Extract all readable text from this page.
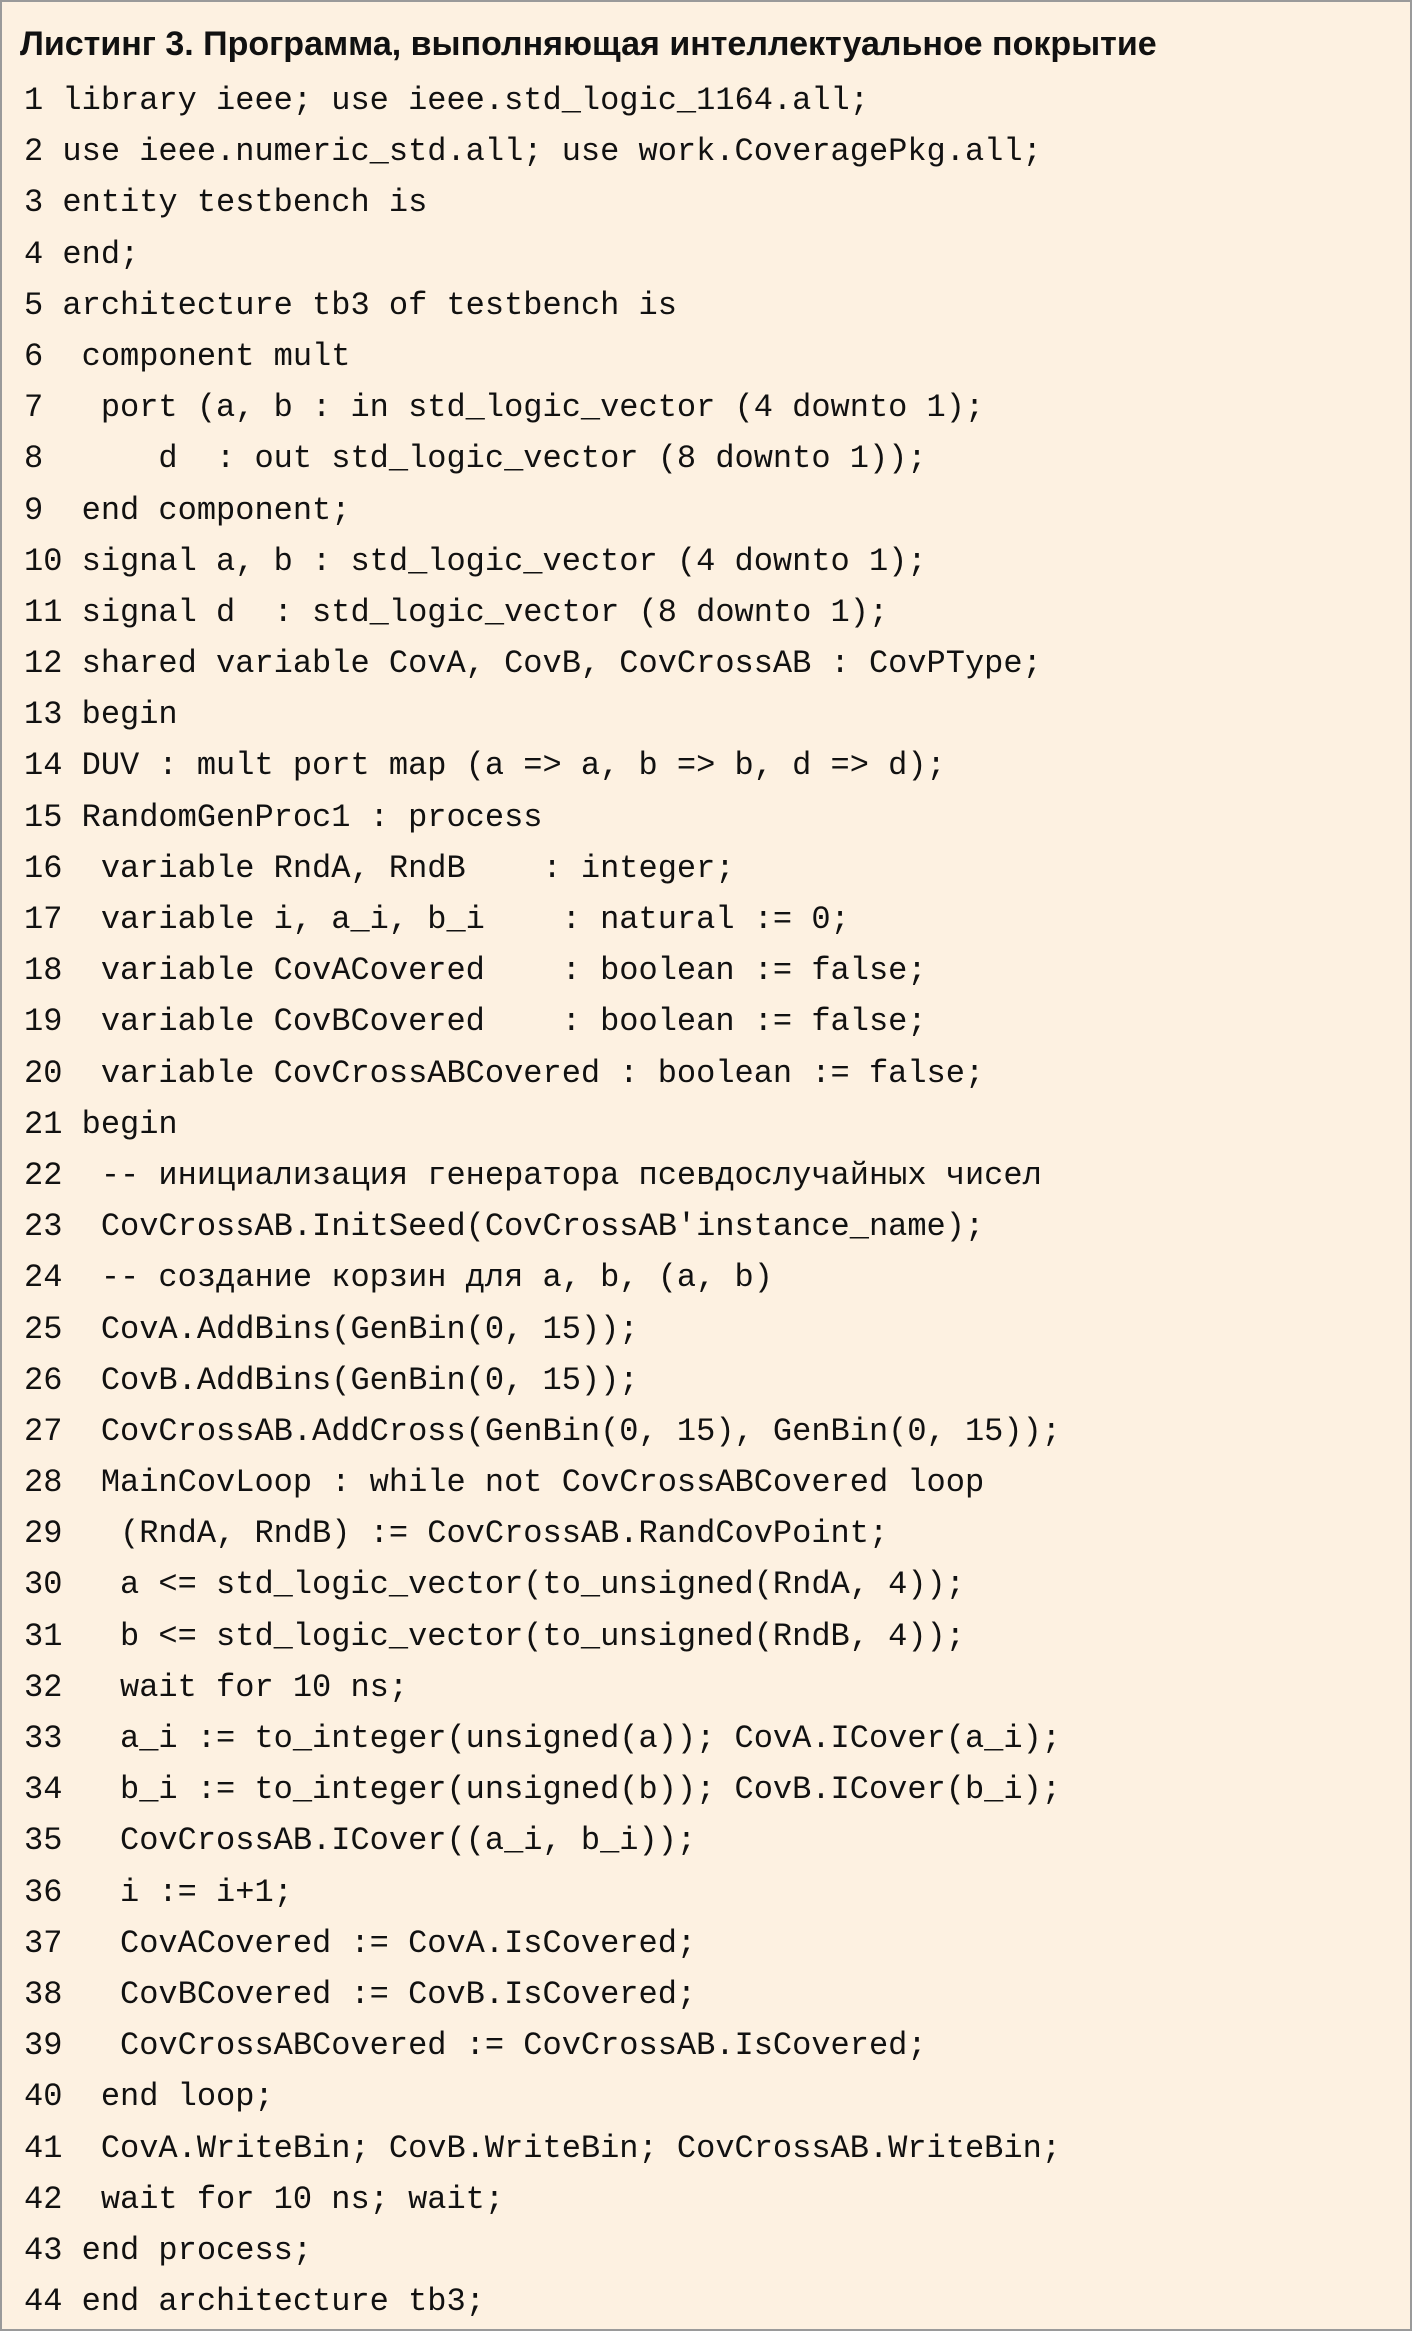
Листинг 3. Программа, выполняющая интеллектуальное покрытие
1 library ieee; use ieee.std_logic_1164.all;
2 use ieee.numeric_std.all; use work.CoveragePkg.all;
3 entity testbench is
4 end;
5 architecture tb3 of testbench is
6  component mult
7   port (a, b : in std_logic_vector (4 downto 1);
8      d  : out std_logic_vector (8 downto 1));
9  end component;
10 signal a, b : std_logic_vector (4 downto 1);
11 signal d  : std_logic_vector (8 downto 1);
12 shared variable CovA, CovB, CovCrossAB : CovPType;
13 begin
14 DUV : mult port map (a => a, b => b, d => d);
15 RandomGenProc1 : process
16  variable RndA, RndB    : integer;
17  variable i, a_i, b_i    : natural := 0;
18  variable CovACovered    : boolean := false;
19  variable CovBCovered    : boolean := false;
20  variable CovCrossABCovered : boolean := false;
21 begin
22  -- инициализация генератора псевдослучайных чисел
23  CovCrossAB.InitSeed(CovCrossAB'instance_name);
24  -- создание корзин для a, b, (a, b)
25  CovA.AddBins(GenBin(0, 15));
26  CovB.AddBins(GenBin(0, 15));
27  CovCrossAB.AddCross(GenBin(0, 15), GenBin(0, 15));
28  MainCovLoop : while not CovCrossABCovered loop
29   (RndA, RndB) := CovCrossAB.RandCovPoint;
30   a <= std_logic_vector(to_unsigned(RndA, 4));
31   b <= std_logic_vector(to_unsigned(RndB, 4));
32   wait for 10 ns;
33   a_i := to_integer(unsigned(a)); CovA.ICover(a_i);
34   b_i := to_integer(unsigned(b)); CovB.ICover(b_i);
35   CovCrossAB.ICover((a_i, b_i));
36   i := i+1;
37   CovACovered := CovA.IsCovered;
38   CovBCovered := CovB.IsCovered;
39   CovCrossABCovered := CovCrossAB.IsCovered;
40  end loop;
41  CovA.WriteBin; CovB.WriteBin; CovCrossAB.WriteBin;
42  wait for 10 ns; wait;
43 end process;
44 end architecture tb3;
